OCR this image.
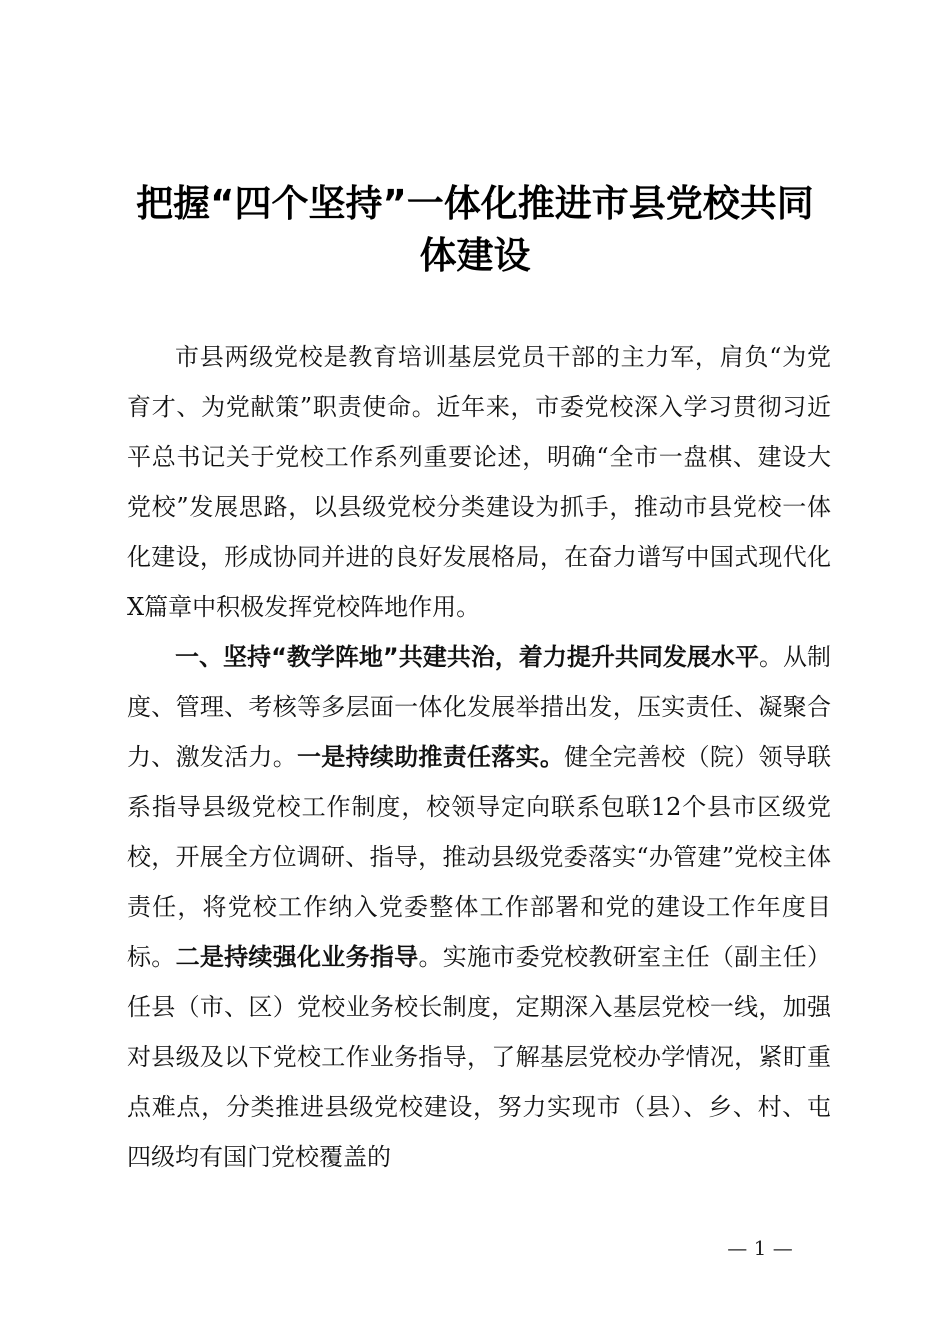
把握“四个坚持”一体化推进市县党校共同体建设

市县两级党校是教育培训基层党员干部的主力军，肩负“为党育才、为党献策”职责使命。近年来，市委党校深入学习贯彻习近平总书记关于党校工作系列重要论述，明确“全市一盘棋、建设大党校”发展思路，以县级党校分类建设为抓手，推动市县党校一体化建设，形成协同并进的良好发展格局，在奋力谱写中国式现代化X篇章中积极发挥党校阵地作用。

一、坚持“教学阵地”共建共治，着力提升共同发展水平。从制度、管理、考核等多层面一体化发展举措出发，压实责任、凝聚合力、激发活力。一是持续助推责任落实。健全完善校（院）领导联系指导县级党校工作制度，校领导定向联系包联12个县市区级党校，开展全方位调研、指导，推动县级党委落实“办管建”党校主体责任，将党校工作纳入党委整体工作部署和党的建设工作年度目标。二是持续强化业务指导。实施市委党校教研室主任（副主任）任县（市、区）党校业务校长制度，定期深入基层党校一线，加强对县级及以下党校工作业务指导，了解基层党校办学情况，紧盯重点难点，分类推进县级党校建设，努力实现市（县）、乡、村、屯四级均有国门党校覆盖的

— 1 —
